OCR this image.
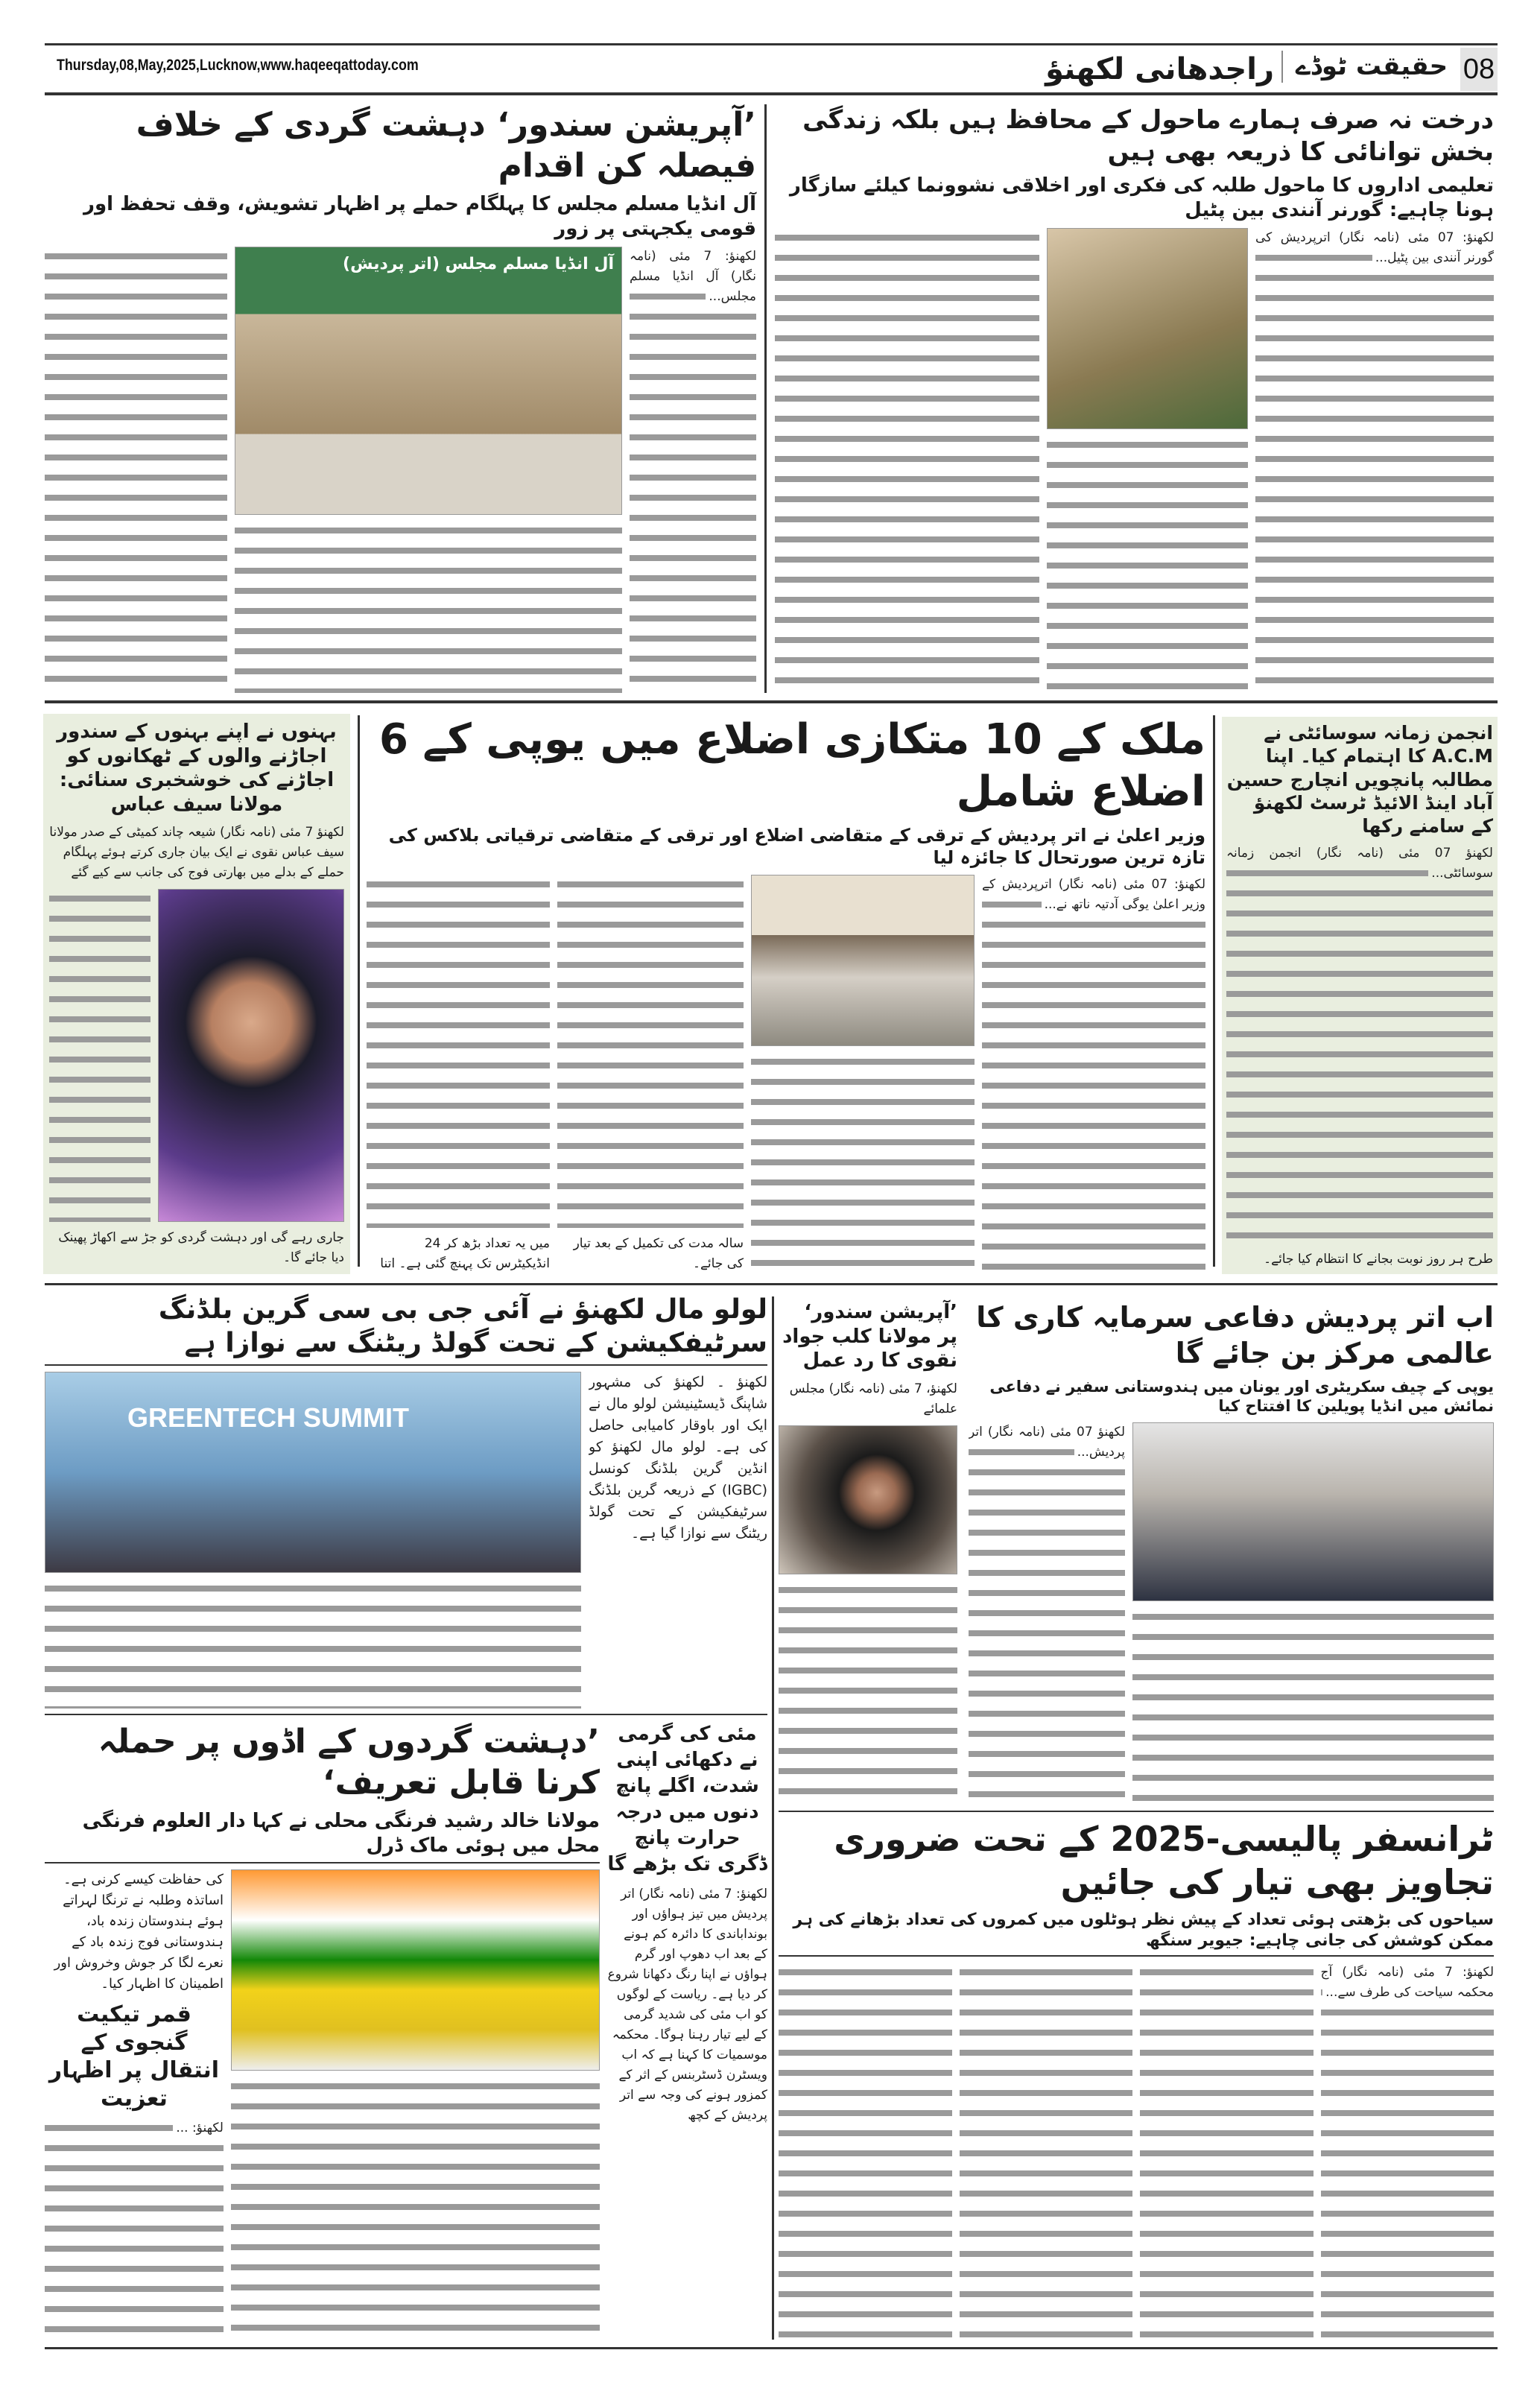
Thursday,08,May,2025,Lucknow,www.haqeeqattoday.com	08
حقیقت ٹوڈے
راجدھانی لکھنؤ
درخت نہ صرف ہمارے ماحول کے محافظ ہیں بلکہ زندگی بخش توانائی کا ذریعہ بھی ہیں
تعلیمی اداروں کا ماحول طلبہ کی فکری اور اخلاقی نشوونما کیلئے سازگار ہونا چاہیے: گورنر آنندی بین پٹیل
لکھنؤ: 07 مئی (نامہ نگار) اترپردیش کی گورنر آنندی بین پٹیل...
’آپریشن سندور‘ دہشت گردی کے خلاف فیصلہ کن اقدام
آل انڈیا مسلم مجلس کا پہلگام حملے پر اظہار تشویش، وقف تحفظ اور قومی یکجہتی پر زور
لکھنؤ: 7 مئی (نامہ نگار) آل انڈیا مسلم مجلس...
آل انڈیا مسلم مجلس (اتر پردیش)
بہنوں نے اپنے بہنوں کے سندور اجاڑنے والوں کے ٹھکانوں کو اجاڑنے کی خوشخبری سنائی: مولانا سیف عباس
لکھنؤ 7 مئی (نامہ نگار) شیعہ چاند کمیٹی کے صدر مولانا سیف عباس نقوی نے ایک بیان جاری کرتے ہوئے پہلگام حملے کے بدلے میں بھارتی فوج کی جانب سے کیے گئے
جاری رہے گی اور دہشت گردی کو جڑ سے اکھاڑ پھینک دیا جائے گا۔
ملک کے 10 متکازی اضلاع میں یوپی کے 6 اضلاع شامل
وزیر اعلیٰ نے اتر پردیش کے ترقی کے متقاضی اضلاع اور ترقی کے متقاضی ترقیاتی بلاکس کی تازہ ترین صورتحال کا جائزہ لیا
لکھنؤ: 07 مئی (نامہ نگار) اترپردیش کے وزیر اعلیٰ یوگی آدتیہ ناتھ نے...
سالہ مدت کی تکمیل کے بعد تیار کی جائے۔
میں یہ تعداد بڑھ کر 24 انڈیکیٹرس تک پہنچ گئی ہے۔ اتنا
انجمن زمانہ سوسائٹی نے A.C.M کا اہتمام کیا۔ اپنا مطالبہ پانچویں انچارج حسین آباد اینڈ الائیڈ ٹرسٹ لکھنؤ کے سامنے رکھا
لکھنؤ 07 مئی (نامہ نگار) انجمن زمانہ سوسائٹی...
طرح ہر روز نوبت بجانے کا انتظام کیا جائے۔
لولو مال لکھنؤ نے آئی جی بی سی گرین بلڈنگ سرٹیفکیشن کے تحت گولڈ ریٹنگ سے نوازا ہے
لکھنؤ ۔ لکھنؤ کی مشہور شاپنگ ڈیسٹینیشن لولو مال نے ایک اور باوقار کامیابی حاصل کی ہے۔ لولو مال لکھنؤ کو انڈین گرین بلڈنگ کونسل (IGBC) کے ذریعہ گرین بلڈنگ سرٹیفکیشن کے تحت گولڈ ریٹنگ سے نوازا گیا ہے۔
GREENTECH SUMMIT
’آپریشن سندور‘ پر مولانا کلب جواد نقوی کا رد عمل
لکھنؤ، 7 مئی (نامہ نگار) مجلس علمائے
اب اتر پردیش دفاعی سرمایہ کاری کا عالمی مرکز بن جائے گا
یوپی کے چیف سکریٹری اور یونان میں ہندوستانی سفیر نے دفاعی نمائش میں انڈیا پویلین کا افتتاح کیا
لکھنؤ 07 مئی (نامہ نگار) اتر پردیش...
’دہشت گردوں کے اڈوں پر حملہ کرنا قابل تعریف‘
مولانا خالد رشید فرنگی محلی نے کہا دار العلوم فرنگی محل میں ہوئی ماک ڈرل
کی حفاظت کیسے کرنی ہے۔ اساتذہ وطلبہ نے ترنگا لہراتے ہوئے ہندوستان زندہ باد، ہندوستانی فوج زندہ باد کے نعرے لگا کر جوش وخروش اور اطمینان کا اظہار کیا۔
قمر تیکیت گنجوی کے انتقال پر اظہار تعزیت
لکھنؤ: ...
مئی کی گرمی نے دکھائی اپنی شدت، اگلے پانچ دنوں میں درجہ حرارت پانچ ڈگری تک بڑھے گا
لکھنؤ: 7 مئی (نامہ نگار) اتر پردیش میں تیز ہواؤں اور بونداباندی کا دائرہ کم ہونے کے بعد اب دھوپ اور گرم ہواؤں نے اپنا رنگ دکھانا شروع کر دیا ہے۔ ریاست کے لوگوں کو اب مئی کی شدید گرمی کے لیے تیار رہنا ہوگا۔ محکمہ موسمیات کا کہنا ہے کہ اب ویسٹرن ڈسٹربنس کے اثر کے کمزور ہونے کی وجہ سے اتر پردیش کے کچھ
ٹرانسفر پالیسی-2025 کے تحت ضروری تجاویز بھی تیار کی جائیں
سیاحوں کی بڑھتی ہوئی تعداد کے پیش نظر ہوٹلوں میں کمروں کی تعداد بڑھانے کی ہر ممکن کوشش کی جانی چاہیے: جیویر سنگھ
لکھنؤ: 7 مئی (نامہ نگار) آج محکمہ سیاحت کی طرف سے...
